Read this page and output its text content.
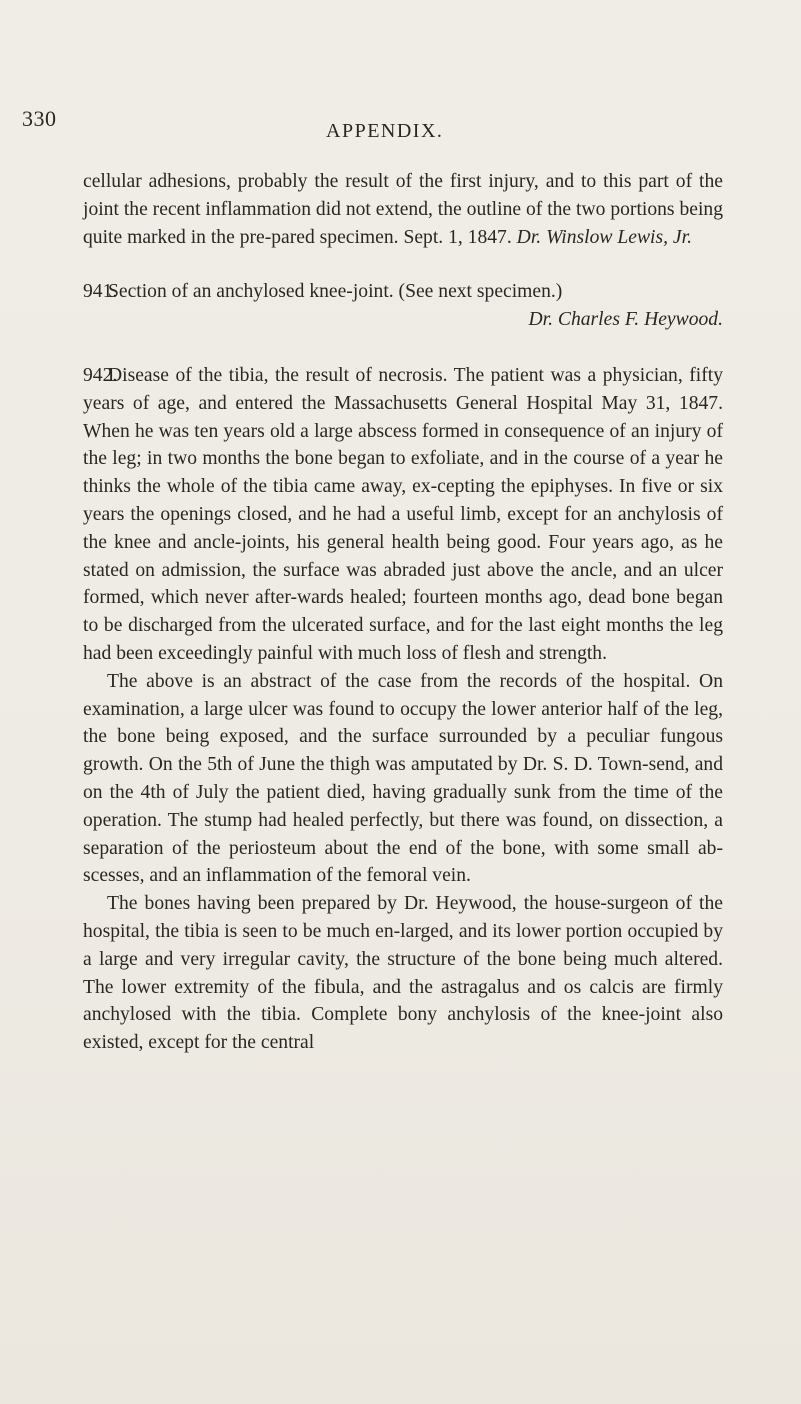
330	APPENDIX.

cellular adhesions, probably the result of the first injury, and to this part of the joint the recent inflammation did not extend, the outline of the two portions being quite marked in the pre-pared specimen. Sept. 1, 1847. Dr. Winslow Lewis, Jr.

941.Section of an anchylosed knee-joint. (See next specimen.)

Dr. Charles F. Heywood.

942.Disease of the tibia, the result of necrosis. The patient was a physician, fifty years of age, and entered the Massachusetts General Hospital May 31, 1847. When he was ten years old a large abscess formed in consequence of an injury of the leg; in two months the bone began to exfoliate, and in the course of a year he thinks the whole of the tibia came away, ex-cepting the epiphyses. In five or six years the openings closed, and he had a useful limb, except for an anchylosis of the knee and ancle-joints, his general health being good. Four years ago, as he stated on admission, the surface was abraded just above the ancle, and an ulcer formed, which never after-wards healed; fourteen months ago, dead bone began to be discharged from the ulcerated surface, and for the last eight months the leg had been exceedingly painful with much loss of flesh and strength.

The above is an abstract of the case from the records of the hospital. On examination, a large ulcer was found to occupy the lower anterior half of the leg, the bone being exposed, and the surface surrounded by a peculiar fungous growth. On the 5th of June the thigh was amputated by Dr. S. D. Town-send, and on the 4th of July the patient died, having gradually sunk from the time of the operation. The stump had healed perfectly, but there was found, on dissection, a separation of the periosteum about the end of the bone, with some small ab-scesses, and an inflammation of the femoral vein.

The bones having been prepared by Dr. Heywood, the house-surgeon of the hospital, the tibia is seen to be much en-larged, and its lower portion occupied by a large and very irregular cavity, the structure of the bone being much altered. The lower extremity of the fibula, and the astragalus and os calcis are firmly anchylosed with the tibia. Complete bony anchylosis of the knee-joint also existed, except for the central
